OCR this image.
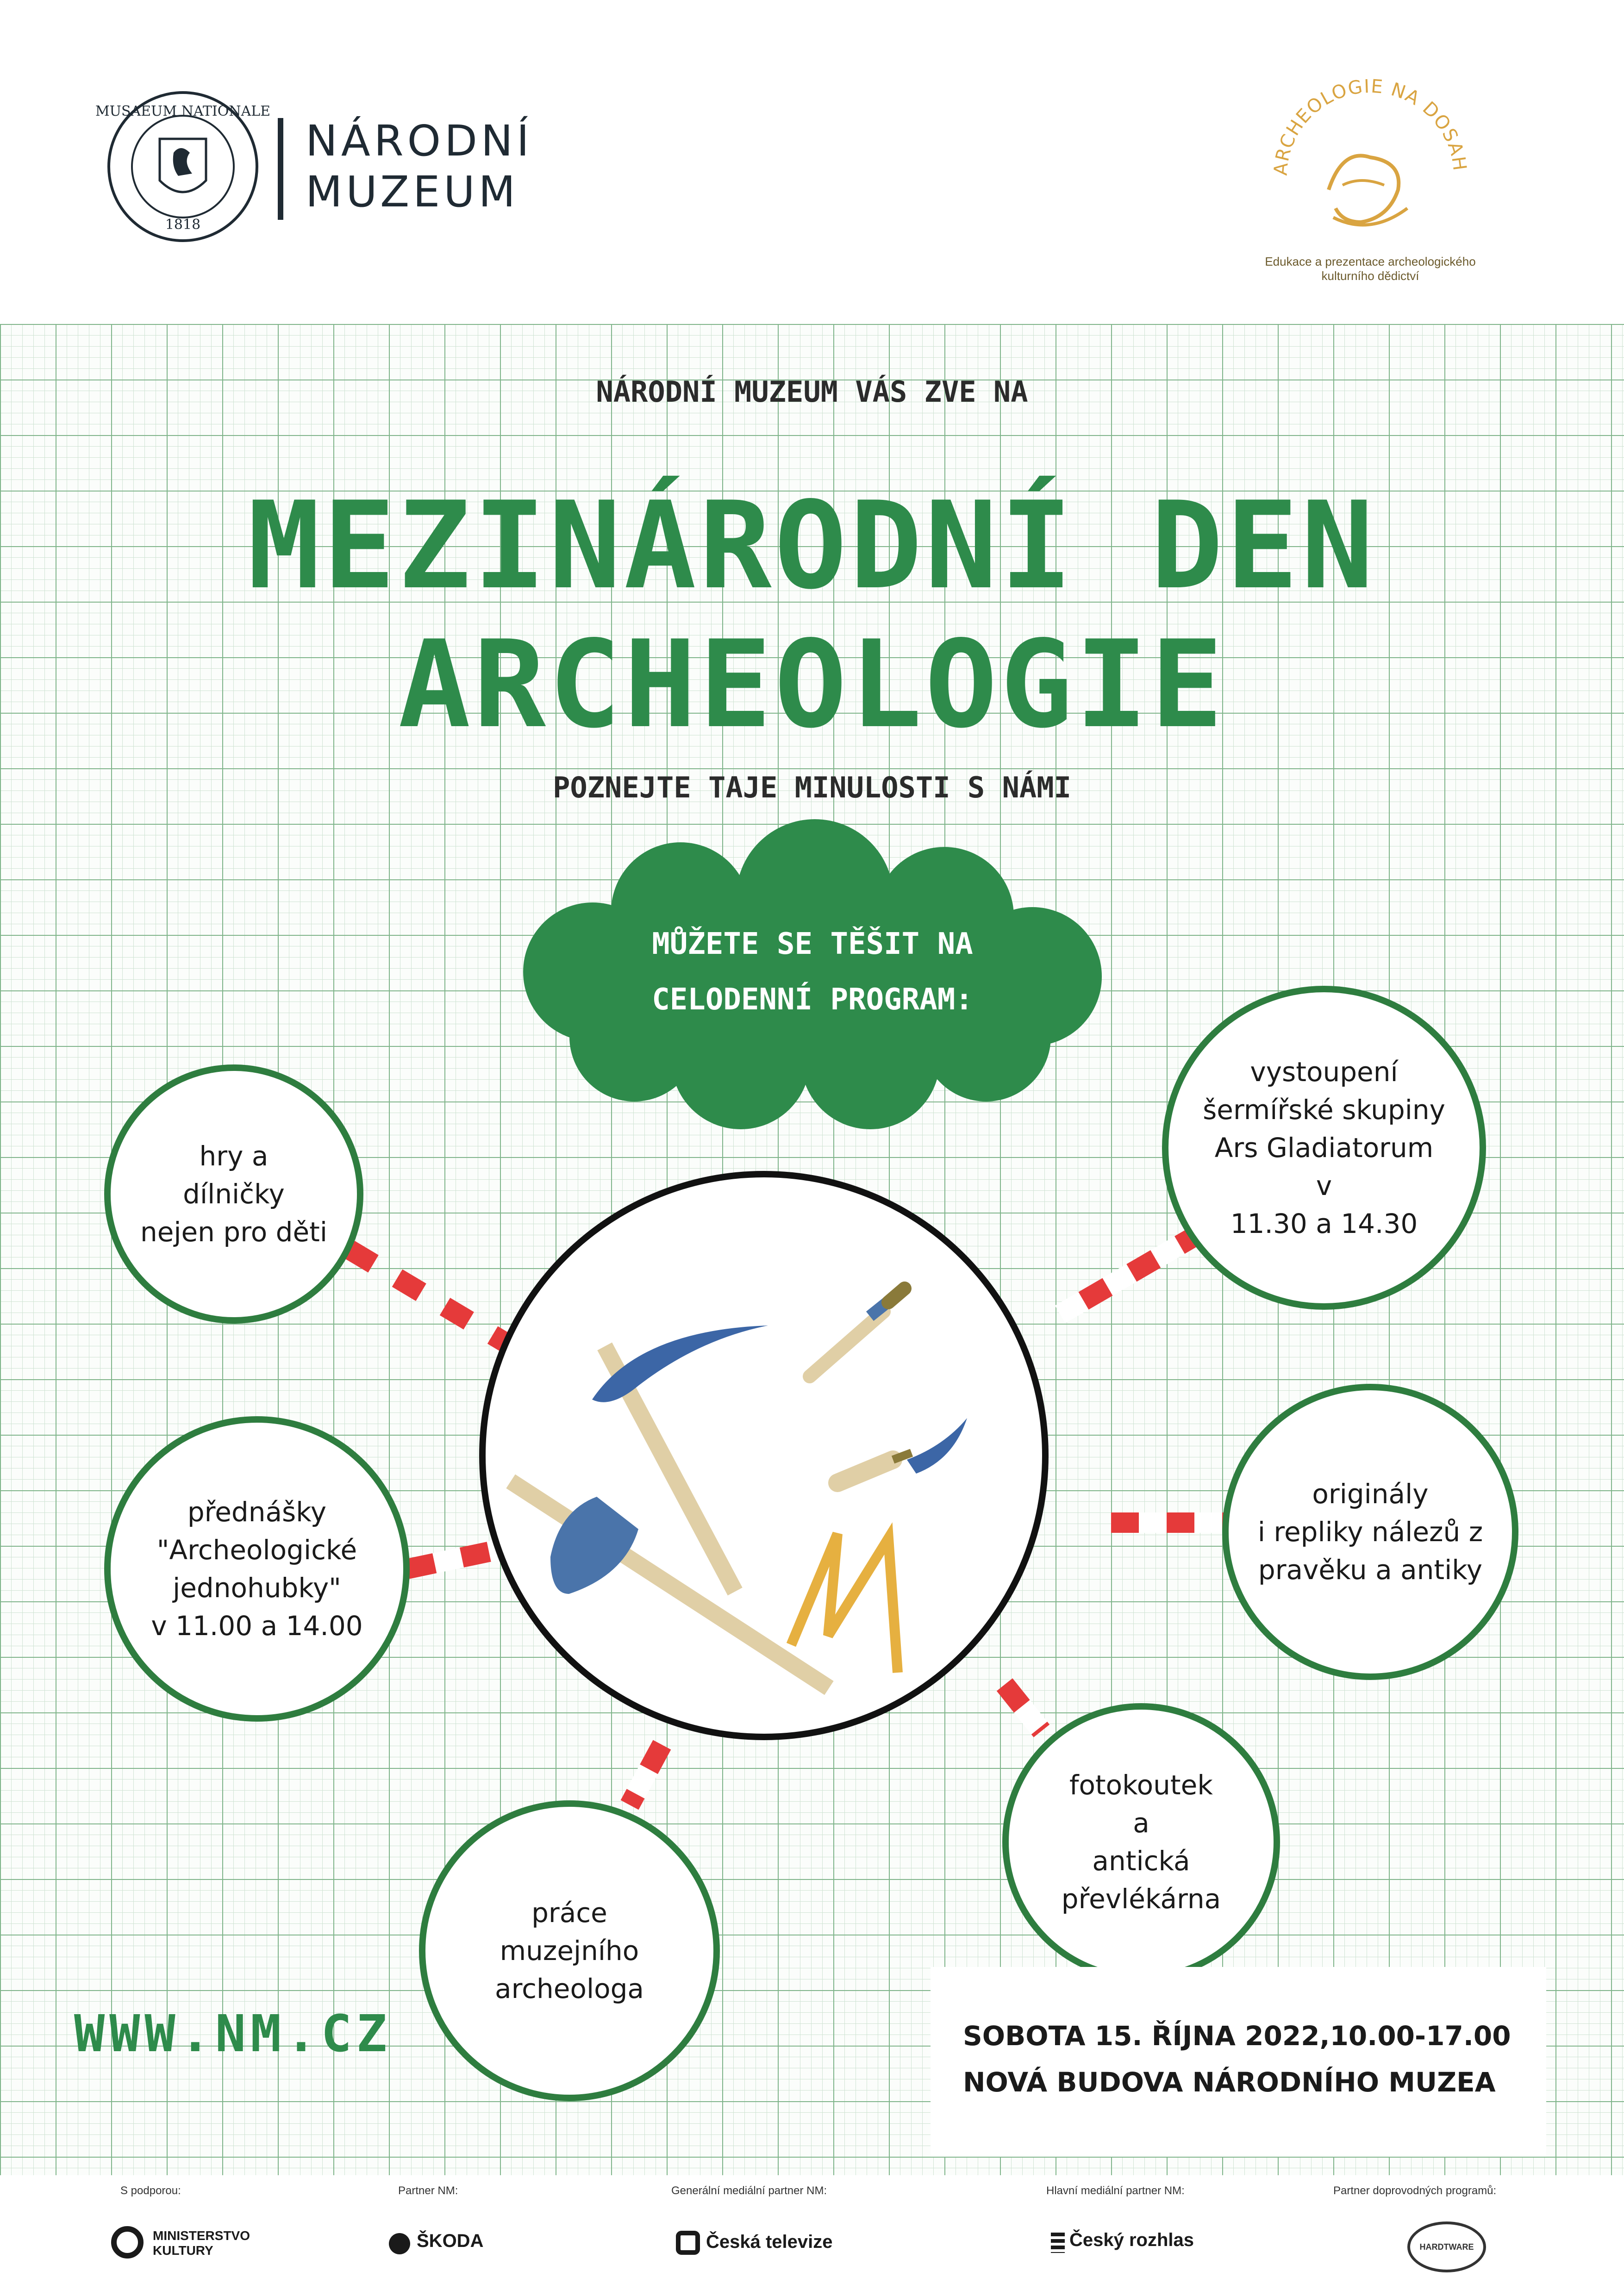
MUSAEUM NATIONALE
1818
NÁRODNÍ
MUZEUM	ARCHEOLOGIE NA DOSAH
Edukace a prezentace archeologického
kulturního dědictví
NÁRODNÍ MUZEUM VÁS ZVE NA
MEZINÁRODNÍ DEN
ARCHEOLOGIE
POZNEJTE TAJE MINULOSTI S NÁMI
MŮŽETE SE TĚŠIT NA
CELODENNÍ PROGRAM:
hry a
dílničky
nejen pro děti
vystoupení
šermířské skupiny
Ars Gladiatorum
v
11.30 a 14.30
přednášky
"Archeologické
jednohubky"
v 11.00 a 14.00
originály
i repliky nálezů z
pravěku a antiky
fotokoutek
a
antická
převlékárna
práce
muzejního
archeologa
WWW.NM.CZ	SOBOTA 15. ŘÍJNA 2022,10.00-17.00
NOVÁ BUDOVA NÁRODNÍHO MUZEA
S podporou:
MINISTERSTVO KULTURY
Partner NM:
ŠKODA
Generální mediální partner NM:
Česká televize
Hlavní mediální partner NM:
Český rozhlas
Partner doprovodných programů:
HARDTWARE
